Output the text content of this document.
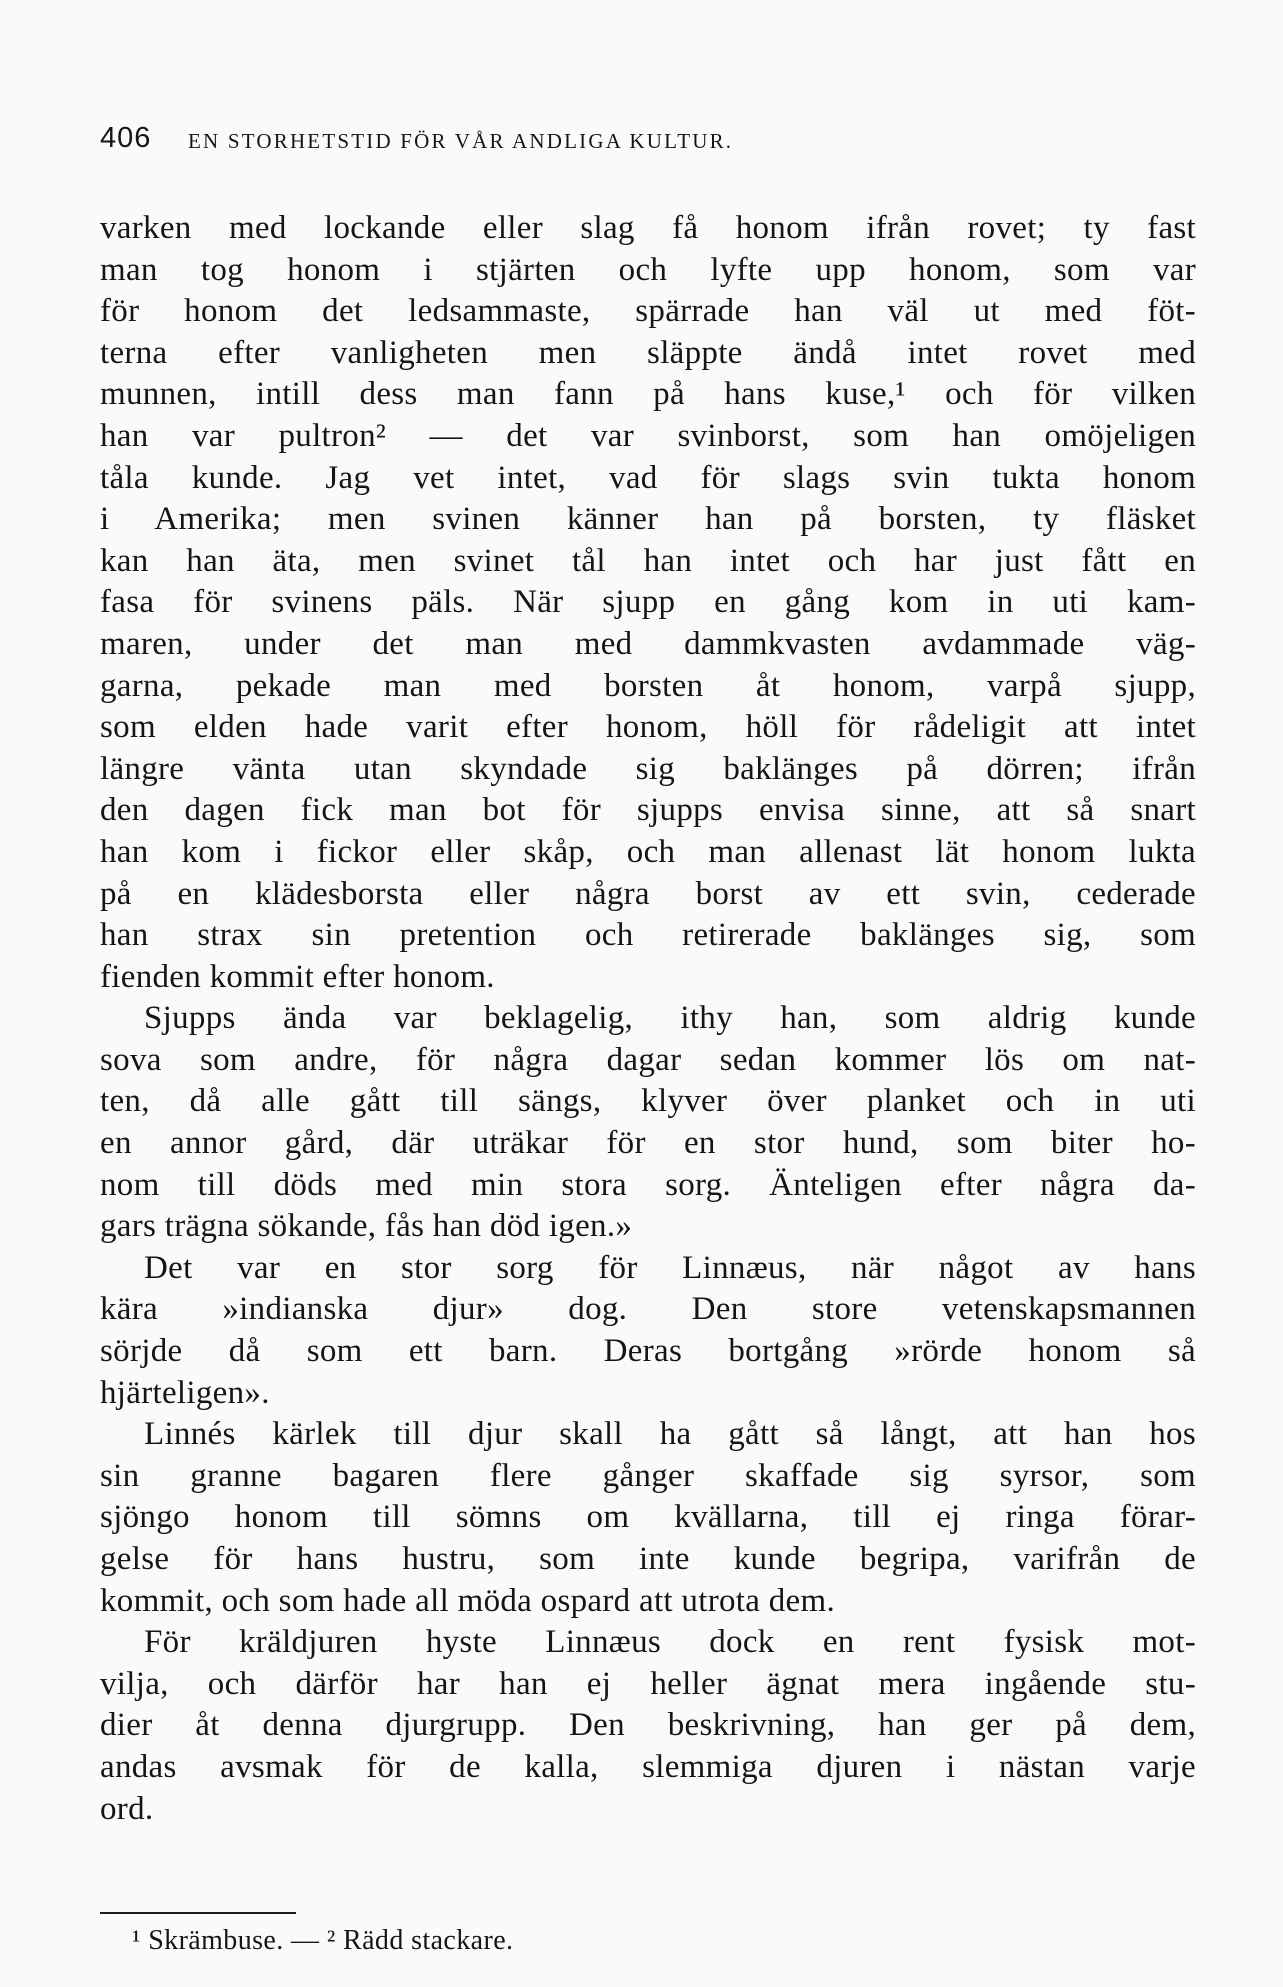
406 EN STORHETSTID FÖR VÅR ANDLIGA KULTUR.
varken med lockande eller slag få honom ifrån rovet; ty fast
man tog honom i stjärten och lyfte upp honom, som var
för honom det ledsammaste, spärrade han väl ut med föt-
terna efter vanligheten men släppte ändå intet rovet med
munnen, intill dess man fann på hans kuse,¹ och för vilken
han var pultron² — det var svinborst, som han omöjeligen
tåla kunde. Jag vet intet, vad för slags svin tukta honom
i Amerika; men svinen känner han på borsten, ty fläsket
kan han äta, men svinet tål han intet och har just fått en
fasa för svinens päls. När sjupp en gång kom in uti kam-
maren, under det man med dammkvasten avdammade väg-
garna, pekade man med borsten åt honom, varpå sjupp,
som elden hade varit efter honom, höll för rådeligit att intet
längre vänta utan skyndade sig baklänges på dörren; ifrån
den dagen fick man bot för sjupps envisa sinne, att så snart
han kom i fickor eller skåp, och man allenast lät honom lukta
på en klädesborsta eller några borst av ett svin, cederade
han strax sin pretention och retirerade baklänges sig, som
fienden kommit efter honom.
Sjupps ända var beklagelig, ithy han, som aldrig kunde
sova som andre, för några dagar sedan kommer lös om nat-
ten, då alle gått till sängs, klyver över planket och in uti
en annor gård, där uträkar för en stor hund, som biter ho-
nom till döds med min stora sorg. Änteligen efter några da-
gars trägna sökande, fås han död igen.»
Det var en stor sorg för Linnæus, när något av hans
kära »indianska djur» dog. Den store vetenskapsmannen
sörjde då som ett barn. Deras bortgång »rörde honom så
hjärteligen».
Linnés kärlek till djur skall ha gått så långt, att han hos
sin granne bagaren flere gånger skaffade sig syrsor, som
sjöngo honom till sömns om kvällarna, till ej ringa förar-
gelse för hans hustru, som inte kunde begripa, varifrån de
kommit, och som hade all möda ospard att utrota dem.
För kräldjuren hyste Linnæus dock en rent fysisk mot-
vilja, och därför har han ej heller ägnat mera ingående stu-
dier åt denna djurgrupp. Den beskrivning, han ger på dem,
andas avsmak för de kalla, slemmiga djuren i nästan varje
ord.
¹ Skrämbuse. — ² Rädd stackare.
